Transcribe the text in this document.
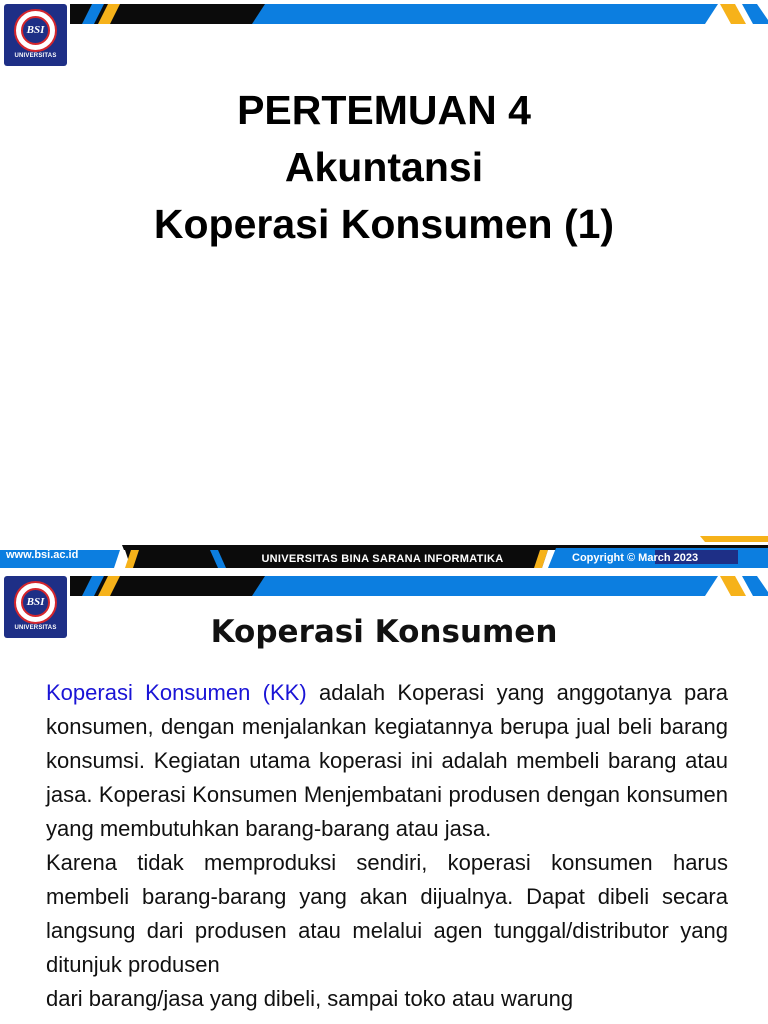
BSI
UNIVERSITAS
PERTEMUAN 4
Akuntansi
Koperasi Konsumen (1)
www.bsi.ac.id	UNIVERSITAS BINA SARANA INFORMATIKA	Copyright © March 2023
BSI
UNIVERSITAS	Koperasi Konsumen

Koperasi Konsumen (KK) adalah Koperasi yang anggotanya para konsumen, dengan menjalankan kegiatannya berupa jual beli barang konsumsi. Kegiatan utama koperasi ini adalah membeli barang atau jasa. Koperasi Konsumen Menjembatani produsen dengan konsumen yang membutuhkan barang-barang atau jasa.

Karena tidak memproduksi sendiri, koperasi konsumen harus membeli barang-barang yang akan dijualnya. Dapat dibeli secara langsung dari produsen atau melalui agen tunggal/distributor yang ditunjuk produsen

dari barang/jasa yang dibeli, sampai toko atau warung
